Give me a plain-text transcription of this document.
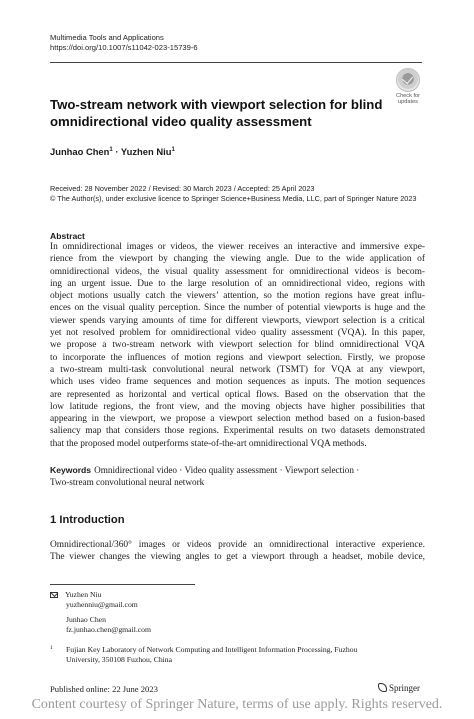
Multimedia Tools and Applications
https://doi.org/10.1007/s11042-023-15739-6
Check for
updates
Two-stream network with viewport selection for blind
omnidirectional video quality assessment
Junhao Chen$^1$ · Yuzhen Niu$^1$
Received: 28 November 2022 / Revised: 30 March 2023 / Accepted: 25 April 2023
© The Author(s), under exclusive licence to Springer Science+Business Media, LLC, part of Springer Nature 2023
Abstract
In omnidirectional images or videos, the viewer receives an interactive and immersive expe-
rience from the viewport by changing the viewing angle. Due to the wide application of
omnidirectional videos, the visual quality assessment for omnidirectional videos is becom-
ing an urgent issue. Due to the large resolution of an omnidirectional video, regions with
object motions usually catch the viewers’ attention, so the motion regions have great influ-
ences on the visual quality perception. Since the number of potential viewports is huge and the
viewer spends varying amounts of time for different viewports, viewport selection is a critical
yet not resolved problem for omnidirectional video quality assessment (VQA). In this paper,
we propose a two-stream network with viewport selection for blind omnidirectional VQA
to incorporate the influences of motion regions and viewport selection. Firstly, we propose
a two-stream multi-task convolutional neural network (TSMT) for VQA at any viewport,
which uses video frame sequences and motion sequences as inputs. The motion sequences
are represented as horizontal and vertical optical flows. Based on the observation that the
low latitude regions, the front view, and the moving objects have higher possibilities that
appearing in the viewport, we propose a viewport selection method based on a fusion-based
saliency map that considers those regions. Experimental results on two datasets demonstrated
that the proposed model outperforms state-of-the-art omnidirectional VQA methods.
Keywords Omnidirectional video · Video quality assessment · Viewport selection ·
Two-stream convolutional neural network
1 Introduction
Omnidirectional/360° images or videos provide an omnidirectional interactive experience.
The viewer changes the viewing angles to get a viewport through a headset, mobile device,
Yuzhen Niu
yuzhenniu@gmail.com
Junhao Chen
fz.junhao.chen@gmail.com
1	Fujian Key Laboratory of Network Computing and Intelligent Information Processing, Fuzhou
University, 350108 Fuzhou, China
Published online: 22 June 2023	Springer
Content courtesy of Springer Nature, terms of use apply. Rights reserved.
